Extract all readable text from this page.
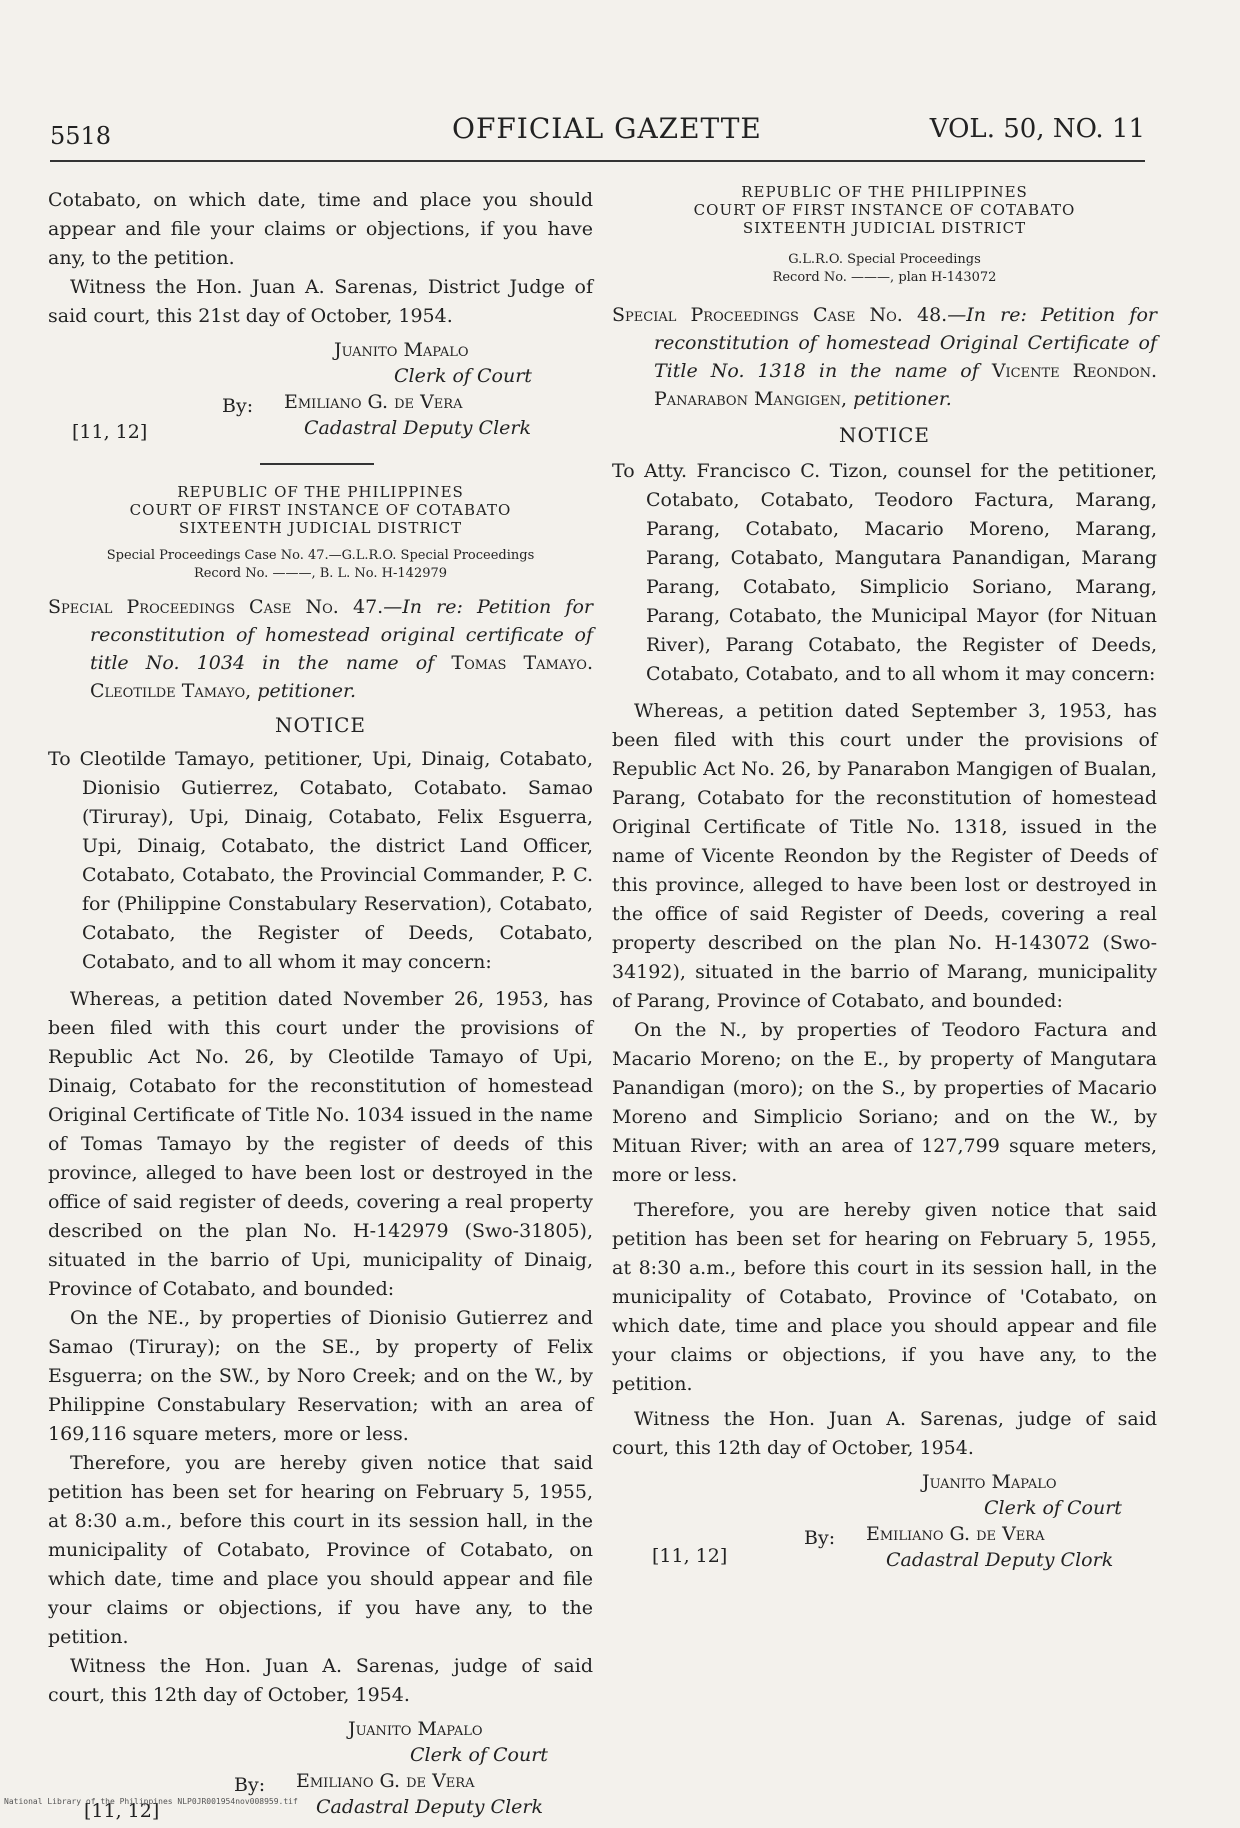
5518	OFFICIAL GAZETTE	VOL. 50, NO. 11

Cotabato, on which date, time and place you should appear and file your claims or objections, if you have any, to the petition.

Witness the Hon. Juan A. Sarenas, District Judge of said court, this 21st day of October, 1954.

Juanito Mapalo
Clerk of Court
By: Emiliano G. de Vera
Cadastral Deputy Clerk
[11, 12]
REPUBLIC OF THE PHILIPPINES
COURT OF FIRST INSTANCE OF COTABATO
SIXTEENTH JUDICIAL DISTRICT
Special Proceedings Case No. 47.—G.L.R.O. Special Proceedings
Record No. ———, B. L. No. H-142979

Special Proceedings Case No. 47.—In re: Petition for reconstitution of homestead original certificate of title No. 1034 in the name of Tomas Tamayo. Cleotilde Tamayo, petitioner.

NOTICE

To Cleotilde Tamayo, petitioner, Upi, Dinaig, Cotabato, Dionisio Gutierrez, Cotabato, Cotabato. Samao (Tiruray), Upi, Dinaig, Cotabato, Felix Esguerra, Upi, Dinaig, Cotabato, the district Land Officer, Cotabato, Cotabato, the Provincial Commander, P. C. for (Philippine Constabulary Reservation), Cotabato, Cotabato, the Register of Deeds, Cotabato, Cotabato, and to all whom it may concern:

Whereas, a petition dated November 26, 1953, has been filed with this court under the provisions of Republic Act No. 26, by Cleotilde Tamayo of Upi, Dinaig, Cotabato for the reconstitution of homestead Original Certificate of Title No. 1034 issued in the name of Tomas Tamayo by the register of deeds of this province, alleged to have been lost or destroyed in the office of said register of deeds, covering a real property described on the plan No. H-142979 (Swo-31805), situated in the barrio of Upi, municipality of Dinaig, Province of Cotabato, and bounded:

On the NE., by properties of Dionisio Gutierrez and Samao (Tiruray); on the SE., by property of Felix Esguerra; on the SW., by Noro Creek; and on the W., by Philippine Constabulary Reservation; with an area of 169,116 square meters, more or less.

Therefore, you are hereby given notice that said petition has been set for hearing on February 5, 1955, at 8:30 a.m., before this court in its session hall, in the municipality of Cotabato, Province of Cotabato, on which date, time and place you should appear and file your claims or objections, if you have any, to the petition.

Witness the Hon. Juan A. Sarenas, judge of said court, this 12th day of October, 1954.

Juanito Mapalo
Clerk of Court
By: Emiliano G. de Vera
Cadastral Deputy Clerk
[11, 12]
REPUBLIC OF THE PHILIPPINES
COURT OF FIRST INSTANCE OF COTABATO
SIXTEENTH JUDICIAL DISTRICT
G.L.R.O. Special Proceedings
Record No. ———, plan H-143072

Special Proceedings Case No. 48.—In re: Petition for reconstitution of homestead Original Certificate of Title No. 1318 in the name of Vicente Reondon. Panarabon Mangigen, petitioner.

NOTICE

To Atty. Francisco C. Tizon, counsel for the petitioner, Cotabato, Cotabato, Teodoro Factura, Marang, Parang, Cotabato, Macario Moreno, Marang, Parang, Cotabato, Mangutara Panandigan, Marang Parang, Cotabato, Simplicio Soriano, Marang, Parang, Cotabato, the Municipal Mayor (for Nituan River), Parang Cotabato, the Register of Deeds, Cotabato, Cotabato, and to all whom it may concern:

Whereas, a petition dated September 3, 1953, has been filed with this court under the provisions of Republic Act No. 26, by Panarabon Mangigen of Bualan, Parang, Cotabato for the reconstitution of homestead Original Certificate of Title No. 1318, issued in the name of Vicente Reondon by the Register of Deeds of this province, alleged to have been lost or destroyed in the office of said Register of Deeds, covering a real property described on the plan No. H-143072 (Swo-34192), situated in the barrio of Marang, municipality of Parang, Province of Cotabato, and bounded:

On the N., by properties of Teodoro Factura and Macario Moreno; on the E., by property of Mangutara Panandigan (moro); on the S., by properties of Macario Moreno and Simplicio Soriano; and on the W., by Mituan River; with an area of 127,799 square meters, more or less.

Therefore, you are hereby given notice that said petition has been set for hearing on February 5, 1955, at 8:30 a.m., before this court in its session hall, in the municipality of Cotabato, Province of 'Cotabato, on which date, time and place you should appear and file your claims or objections, if you have any, to the petition.

Witness the Hon. Juan A. Sarenas, judge of said court, this 12th day of October, 1954.

Juanito Mapalo
Clerk of Court
By: Emiliano G. de Vera
Cadastral Deputy Clork
[11, 12]
National Library of the Philippines NLP0JR001954nov008959.tif
